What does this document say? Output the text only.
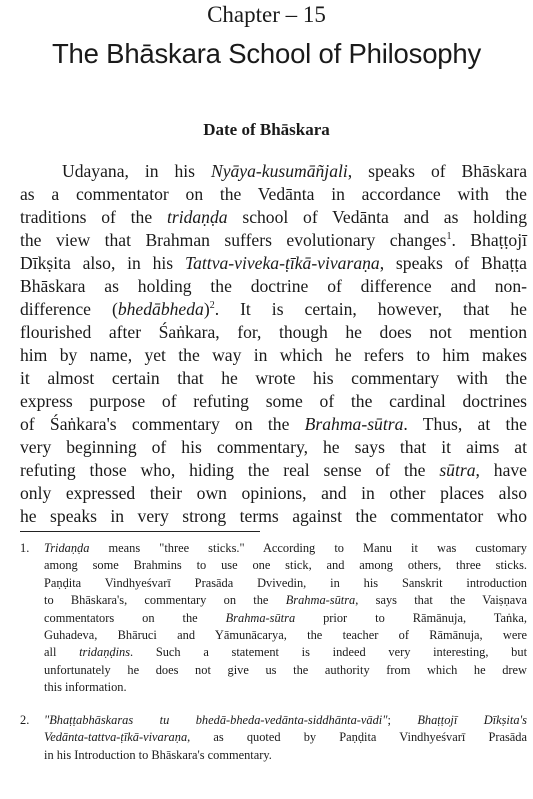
Chapter – 15
The Bhāskara School of Philosophy
Date of Bhāskara
Udayana, in his Nyāya-kusumāñjali, speaks of Bhāskara
as a commentator on the Vedānta in accordance with the
traditions of the tridaṇḍa school of Vedānta and as holding
the view that Brahman suffers evolutionary changes$^1$. Bhaṭṭojī
Dīkṣita also, in his Tattva-viveka-ṭīkā-vivaraṇa, speaks of Bhaṭṭa
Bhāskara as holding the doctrine of difference and non-
difference (bhedābheda)$^2$. It is certain, however, that he
flourished after Śaṅkara, for, though he does not mention
him by name, yet the way in which he refers to him makes
it almost certain that he wrote his commentary with the
express purpose of refuting some of the cardinal doctrines
of Śaṅkara's commentary on the Brahma-sūtra. Thus, at the
very beginning of his commentary, he says that it aims at
refuting those who, hiding the real sense of the sūtra, have
only expressed their own opinions, and in other places also
he speaks in very strong terms against the commentator who
1. Tridaṇḍa means "three sticks." According to Manu it was customary
among some Brahmins to use one stick, and among others, three sticks.
Paṇḍita Vindhyeśvarī Prasāda Dvivedin, in his Sanskrit introduction
to Bhāskara's, commentary on the Brahma-sūtra, says that the Vaiṣṇava
commentators on the Brahma-sūtra prior to Rāmānuja, Taṅka,
Guhadeva, Bhāruci and Yāmunācarya, the teacher of Rāmānuja, were
all tridaṇḍins. Such a statement is indeed very interesting, but
unfortunately he does not give us the authority from which he drew
this information.
2. "Bhaṭṭabhāskaras tu bhedā-bheda-vedānta-siddhānta-vādi"; Bhaṭṭojī Dīkṣita's
Vedānta-tattva-ṭīkā-vivaraṇa, as quoted by Paṇḍita Vindhyeśvarī Prasāda
in his Introduction to Bhāskara's commentary.
